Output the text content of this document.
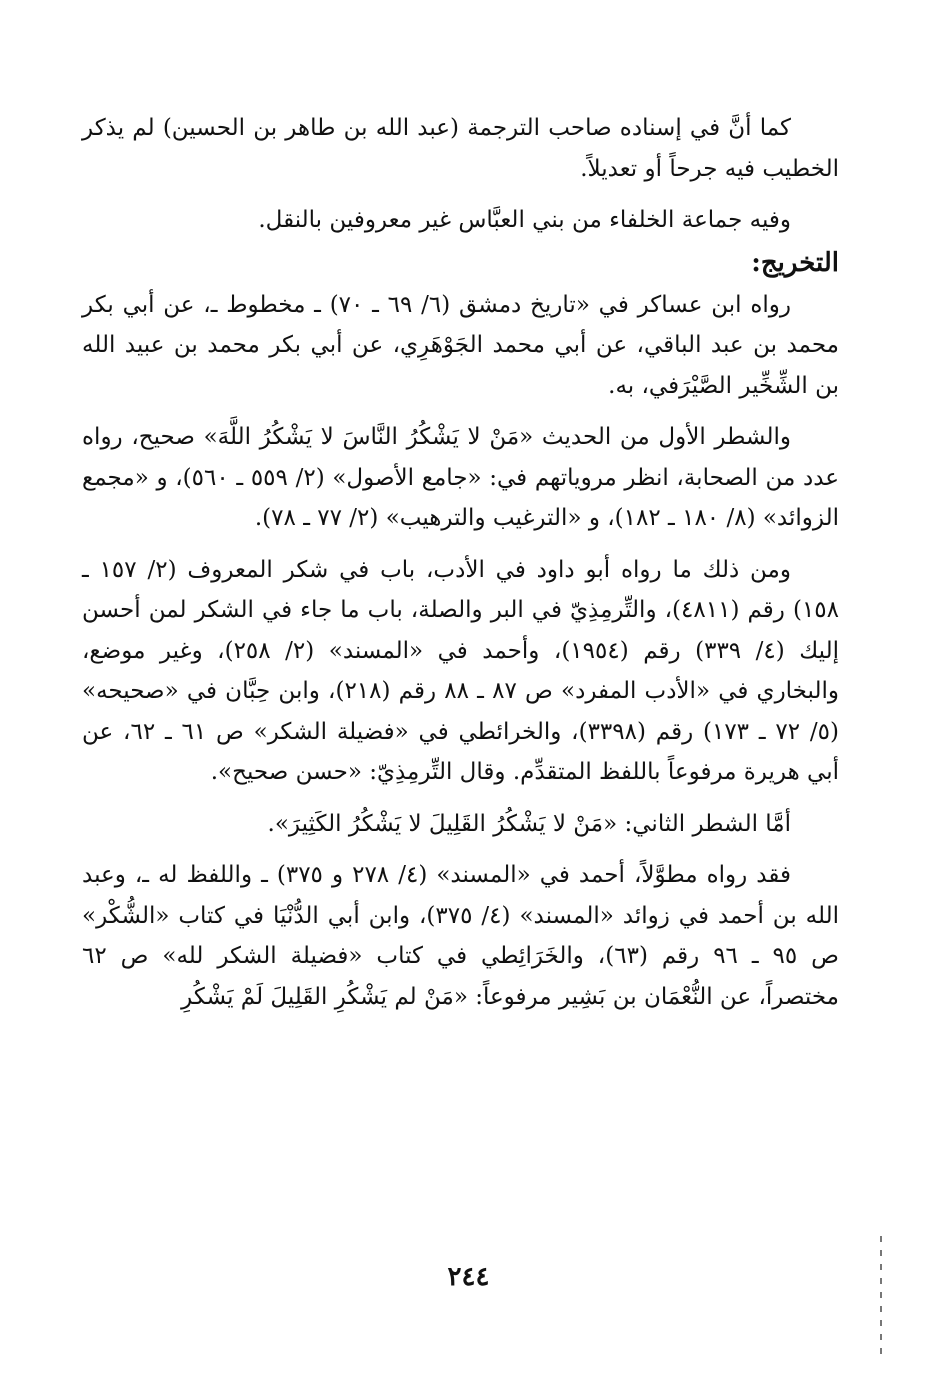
كما أنَّ في إسناده صاحب الترجمة (عبد الله بن طاهر بن الحسين) لم يذكر الخطيب فيه جرحاً أو تعديلاً.

وفيه جماعة الخلفاء من بني العبَّاس غير معروفين بالنقل.

التخريج:

رواه ابن عساكر في «تاريخ دمشق (٦/ ٦٩ ـ ٧٠) ـ مخطوط ـ، عن أبي بكر محمد بن عبد الباقي، عن أبي محمد الجَوْهَرِي، عن أبي بكر محمد بن عبيد الله بن الشِّخِّير الصَّيْرَفي، به.

والشطر الأول من الحديث «مَنْ لا يَشْكُرُ النَّاسَ لا يَشْكُرُ اللَّهَ» صحيح، رواه عدد من الصحابة، انظر مروياتهم في: «جامع الأصول» (٢/ ٥٥٩ ـ ٥٦٠)، و «مجمع الزوائد» (٨/ ١٨٠ ـ ١٨٢)، و «الترغيب والترهيب» (٢/ ٧٧ ـ ٧٨).

ومن ذلك ما رواه أبو داود في الأدب، باب في شكر المعروف (٢/ ١٥٧ ـ ١٥٨) رقم (٤٨١١)، والتِّرمِذِيّ في البر والصلة، باب ما جاء في الشكر لمن أحسن إليك (٤/ ٣٣٩) رقم (١٩٥٤)، وأحمد في «المسند» (٢/ ٢٥٨)، وغير موضع، والبخاري في «الأدب المفرد» ص ٨٧ ـ ٨٨ رقم (٢١٨)، وابن حِبَّان في «صحيحه» (٥/ ٧٢ ـ ١٧٣) رقم (٣٣٩٨)، والخرائطي في «فضيلة الشكر» ص ٦١ ـ ٦٢، عن أبي هريرة مرفوعاً باللفظ المتقدِّم. وقال التِّرمِذِيّ: «حسن صحيح».

أمَّا الشطر الثاني: «مَنْ لا يَشْكُرُ القَلِيلَ لا يَشْكُرُ الكَثِيرَ».

فقد رواه مطوَّلاً، أحمد في «المسند» (٤/ ٢٧٨ و ٣٧٥) ـ واللفظ له ـ، وعبد الله بن أحمد في زوائد «المسند» (٤/ ٣٧٥)، وابن أبي الدُّنْيَا في كتاب «الشُّكْر» ص ٩٥ ـ ٩٦ رقم (٦٣)، والخَرَائِطي في كتاب «فضيلة الشكر لله» ص ٦٢ مختصراً، عن النُّعْمَان بن بَشِير مرفوعاً: «مَنْ لم يَشْكُرِ القَلِيلَ لَمْ يَشْكُرِ

٢٤٤
